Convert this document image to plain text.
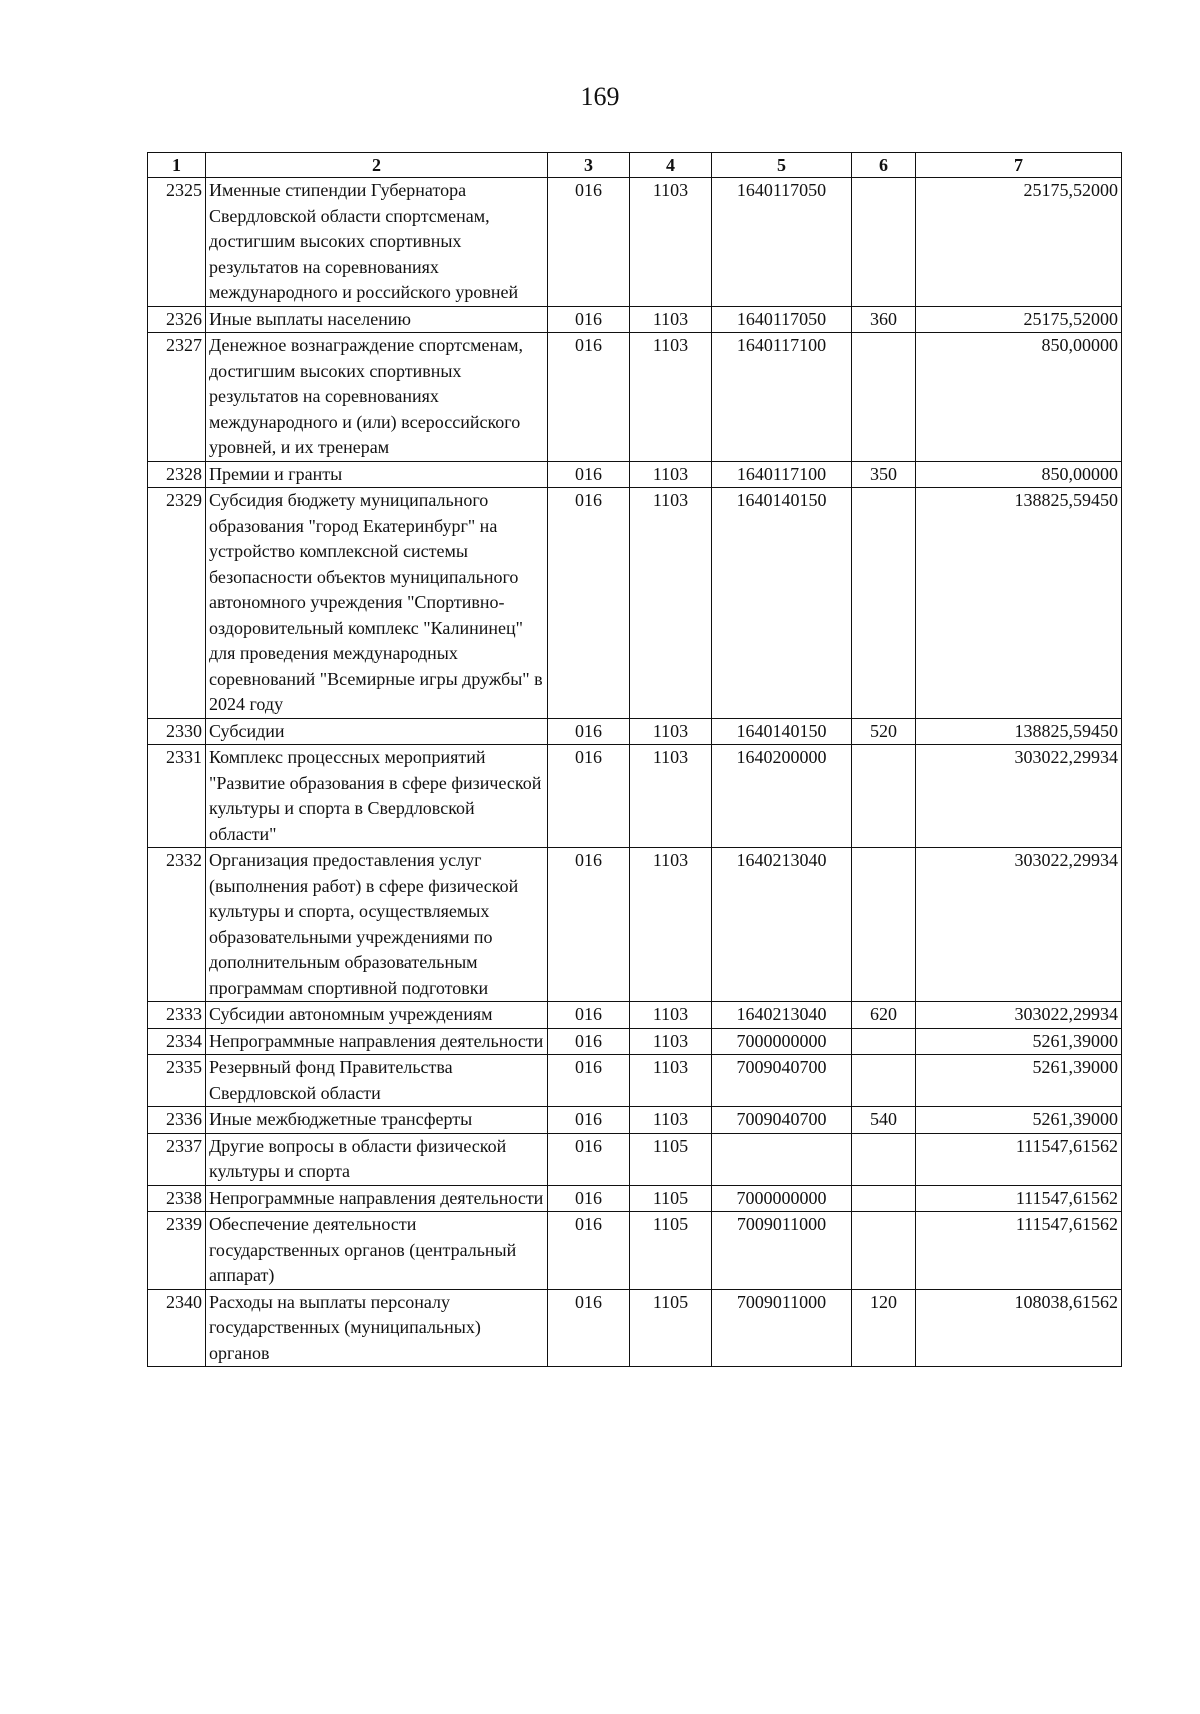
169
1	2	3	4	5	6	7
2325	Именные стипендии Губернатора Свердловской области спортсменам, достигшим высоких спортивных результатов на соревнованиях международного и российского уровней	016	1103	1640117050		25175,52000
2326	Иные выплаты населению	016	1103	1640117050	360	25175,52000
2327	Денежное вознаграждение спортсменам, достигшим высоких спортивных результатов на соревнованиях международного и (или) всероссийского уровней, и их тренерам	016	1103	1640117100		850,00000
2328	Премии и гранты	016	1103	1640117100	350	850,00000
2329	Субсидия бюджету муниципального образования "город Екатеринбург" на устройство комплексной системы безопасности объектов муниципального автономного учреждения "Спортивно-оздоровительный комплекс "Калининец" для проведения международных соревнований "Всемирные игры дружбы" в 2024 году	016	1103	1640140150		138825,59450
2330	Субсидии	016	1103	1640140150	520	138825,59450
2331	Комплекс процессных мероприятий "Развитие образования в сфере физической культуры и спорта в Свердловской области"	016	1103	1640200000		303022,29934
2332	Организация предоставления услуг (выполнения работ) в сфере физической культуры и спорта, осуществляемых образовательными учреждениями по дополнительным образовательным программам спортивной подготовки	016	1103	1640213040		303022,29934
2333	Субсидии автономным учреждениям	016	1103	1640213040	620	303022,29934
2334	Непрограммные направления деятельности	016	1103	7000000000		5261,39000
2335	Резервный фонд Правительства Свердловской области	016	1103	7009040700		5261,39000
2336	Иные межбюджетные трансферты	016	1103	7009040700	540	5261,39000
2337	Другие вопросы в области физической культуры и спорта	016	1105			111547,61562
2338	Непрограммные направления деятельности	016	1105	7000000000		111547,61562
2339	Обеспечение деятельности государственных органов (центральный аппарат)	016	1105	7009011000		111547,61562
2340	Расходы на выплаты персоналу государственных (муниципальных) органов	016	1105	7009011000	120	108038,61562
